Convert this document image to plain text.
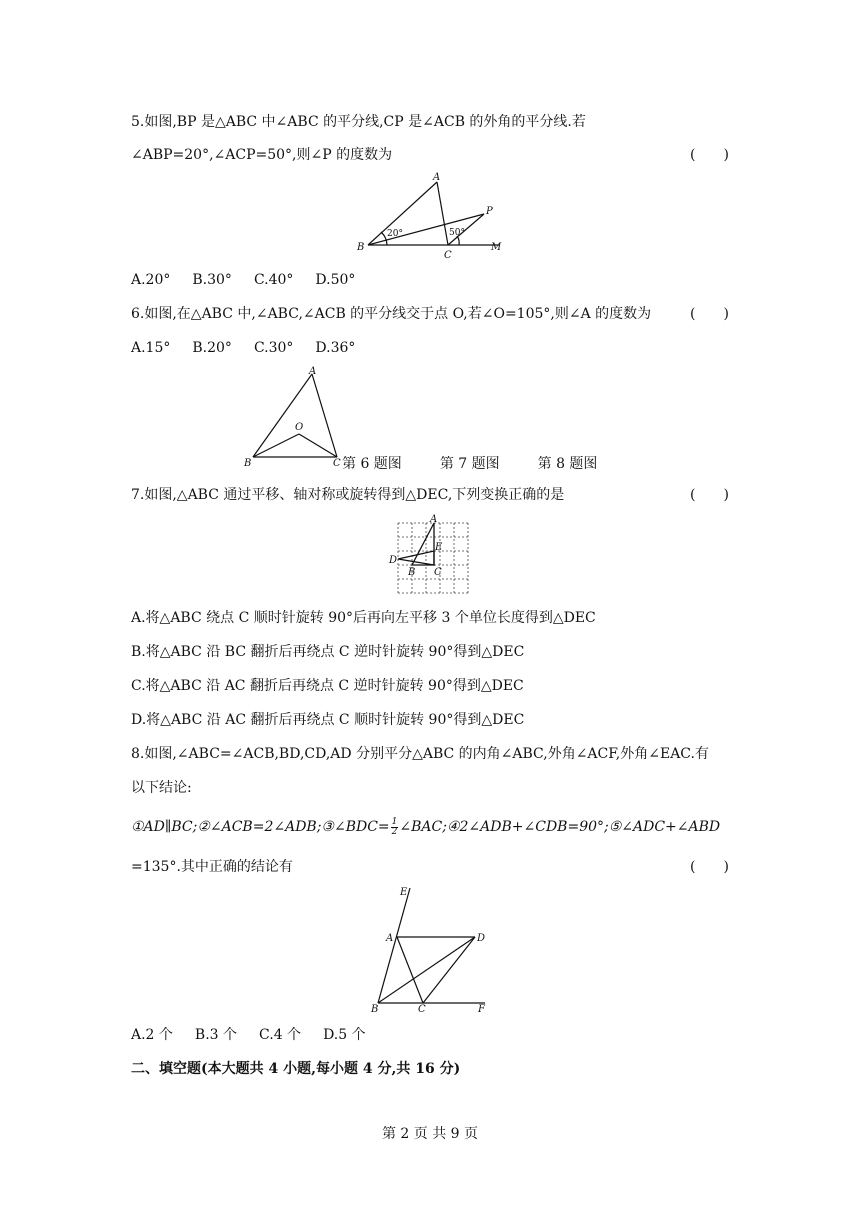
5.如图,BP 是△ABC 中∠ABC 的平分线,CP 是∠ACB 的外角的平分线.若
∠ABP=20°,∠ACP=50°,则∠P 的度数为	(　　)
A
B
C
P
M
20°	50°
A.20° B.30° C.40° D.50°
6.如图,在△ABC 中,∠ABC,∠ACB 的平分线交于点 O,若∠O=105°,则∠A 的度数为	(　　)
A.15° B.20° C.30° D.36°
A
B	C
O
第 6 题图	第 7 题图	第 8 题图
7.如图,△ABC 通过平移、轴对称或旋转得到△DEC,下列变换正确的是	(　　)
A
B C
D
E
A.将△ABC 绕点 C 顺时针旋转 90°后再向左平移 3 个单位长度得到△DEC
B.将△ABC 沿 BC 翻折后再绕点 C 逆时针旋转 90°得到△DEC
C.将△ABC 沿 AC 翻折后再绕点 C 逆时针旋转 90°得到△DEC
D.将△ABC 沿 AC 翻折后再绕点 C 顺时针旋转 90°得到△DEC
8.如图,∠ABC=∠ACB,BD,CD,AD 分别平分△ABC 的内角∠ABC,外角∠ACF,外角∠EAC.有
以下结论:
①AD∥BC;②∠ACB=2∠ADB;③∠BDC= $\frac{1}{2}$ ∠BAC;④2∠ADB+∠CDB=90°;⑤∠ADC+∠ABD
=135°.其中正确的结论有	(　　)
E
A	D
B	C	F
A.2 个 B.3 个 C.4 个 D.5 个
二、填空题(本大题共 4 小题,每小题 4 分,共 16 分)
第 2 页 共 9 页
